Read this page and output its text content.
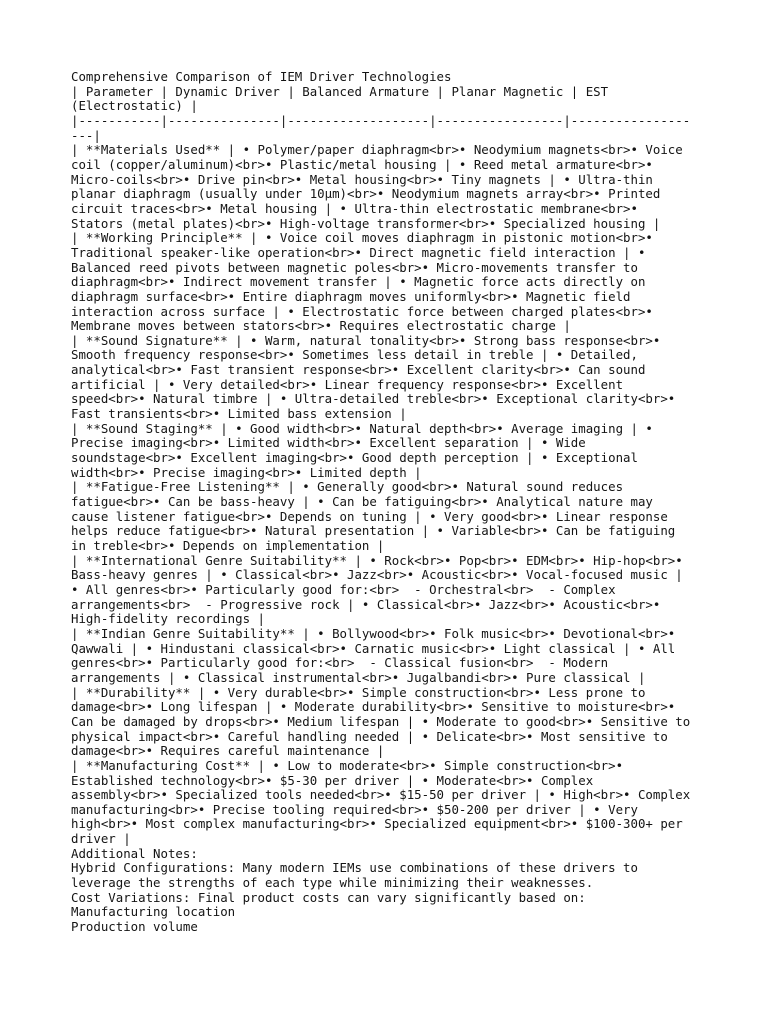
Comprehensive Comparison of IEM Driver Technologies
| Parameter | Dynamic Driver | Balanced Armature | Planar Magnetic | EST
(Electrostatic) |
|-----------|---------------|-------------------|-----------------|----------------
---|
| **Materials Used** | • Polymer/paper diaphragm<br>• Neodymium magnets<br>• Voice
coil (copper/aluminum)<br>• Plastic/metal housing | • Reed metal armature<br>•
Micro-coils<br>• Drive pin<br>• Metal housing<br>• Tiny magnets | • Ultra-thin
planar diaphragm (usually under 10μm)<br>• Neodymium magnets array<br>• Printed
circuit traces<br>• Metal housing | • Ultra-thin electrostatic membrane<br>•
Stators (metal plates)<br>• High-voltage transformer<br>• Specialized housing |
| **Working Principle** | • Voice coil moves diaphragm in pistonic motion<br>•
Traditional speaker-like operation<br>• Direct magnetic field interaction | •
Balanced reed pivots between magnetic poles<br>• Micro-movements transfer to
diaphragm<br>• Indirect movement transfer | • Magnetic force acts directly on
diaphragm surface<br>• Entire diaphragm moves uniformly<br>• Magnetic field
interaction across surface | • Electrostatic force between charged plates<br>•
Membrane moves between stators<br>• Requires electrostatic charge |
| **Sound Signature** | • Warm, natural tonality<br>• Strong bass response<br>•
Smooth frequency response<br>• Sometimes less detail in treble | • Detailed,
analytical<br>• Fast transient response<br>• Excellent clarity<br>• Can sound
artificial | • Very detailed<br>• Linear frequency response<br>• Excellent
speed<br>• Natural timbre | • Ultra-detailed treble<br>• Exceptional clarity<br>•
Fast transients<br>• Limited bass extension |
| **Sound Staging** | • Good width<br>• Natural depth<br>• Average imaging | •
Precise imaging<br>• Limited width<br>• Excellent separation | • Wide
soundstage<br>• Excellent imaging<br>• Good depth perception | • Exceptional
width<br>• Precise imaging<br>• Limited depth |
| **Fatigue-Free Listening** | • Generally good<br>• Natural sound reduces
fatigue<br>• Can be bass-heavy | • Can be fatiguing<br>• Analytical nature may
cause listener fatigue<br>• Depends on tuning | • Very good<br>• Linear response
helps reduce fatigue<br>• Natural presentation | • Variable<br>• Can be fatiguing
in treble<br>• Depends on implementation |
| **International Genre Suitability** | • Rock<br>• Pop<br>• EDM<br>• Hip-hop<br>•
Bass-heavy genres | • Classical<br>• Jazz<br>• Acoustic<br>• Vocal-focused music |
• All genres<br>• Particularly good for:<br>  - Orchestral<br>  - Complex
arrangements<br>  - Progressive rock | • Classical<br>• Jazz<br>• Acoustic<br>•
High-fidelity recordings |
| **Indian Genre Suitability** | • Bollywood<br>• Folk music<br>• Devotional<br>•
Qawwali | • Hindustani classical<br>• Carnatic music<br>• Light classical | • All
genres<br>• Particularly good for:<br>  - Classical fusion<br>  - Modern
arrangements | • Classical instrumental<br>• Jugalbandi<br>• Pure classical |
| **Durability** | • Very durable<br>• Simple construction<br>• Less prone to
damage<br>• Long lifespan | • Moderate durability<br>• Sensitive to moisture<br>•
Can be damaged by drops<br>• Medium lifespan | • Moderate to good<br>• Sensitive to
physical impact<br>• Careful handling needed | • Delicate<br>• Most sensitive to
damage<br>• Requires careful maintenance |
| **Manufacturing Cost** | • Low to moderate<br>• Simple construction<br>•
Established technology<br>• $5-30 per driver | • Moderate<br>• Complex
assembly<br>• Specialized tools needed<br>• $15-50 per driver | • High<br>• Complex
manufacturing<br>• Precise tooling required<br>• $50-200 per driver | • Very
high<br>• Most complex manufacturing<br>• Specialized equipment<br>• $100-300+ per
driver |
Additional Notes:
Hybrid Configurations: Many modern IEMs use combinations of these drivers to
leverage the strengths of each type while minimizing their weaknesses.
Cost Variations: Final product costs can vary significantly based on:
Manufacturing location
Production volume
